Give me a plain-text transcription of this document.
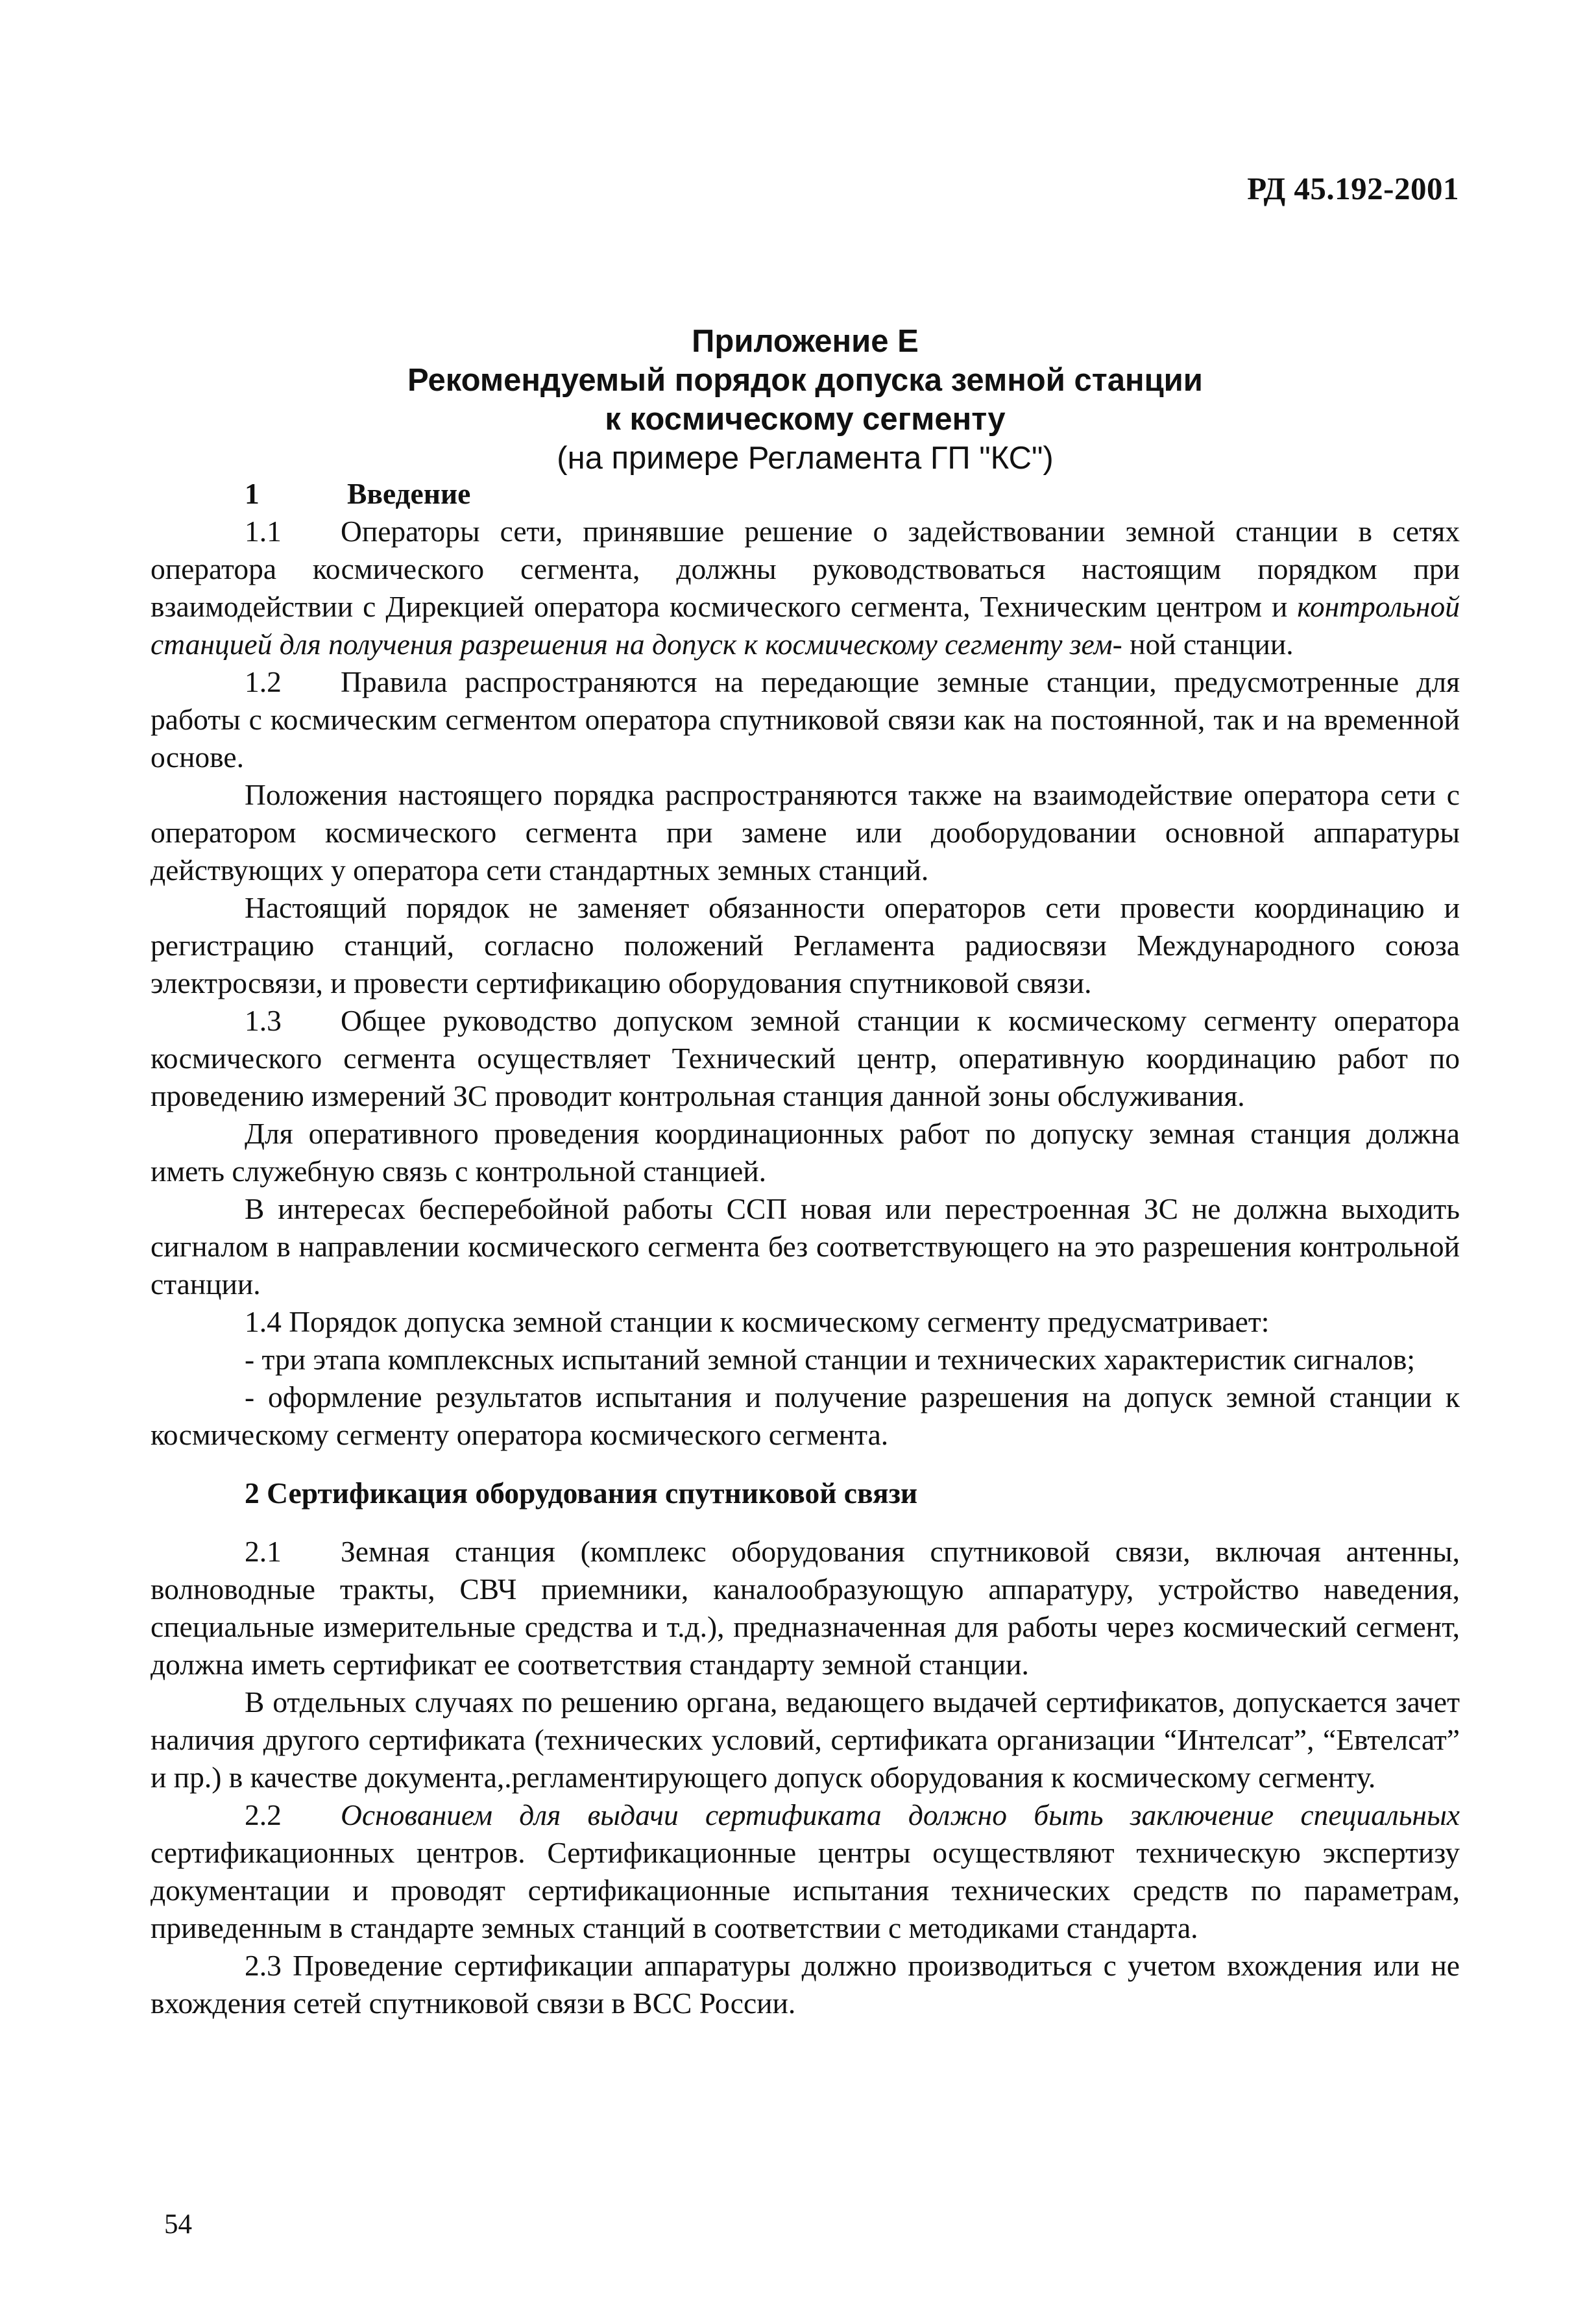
РД 45.192-2001
Приложение Е
Рекомендуемый порядок допуска земной станции
к космическому сегменту
(на примере Регламента ГП "КС")
1	Введение

1.1 Операторы сети, принявшие решение о задействовании земной станции в сетях оператора космического сегмента, должны руководствоваться настоящим порядком при взаимодействии с Дирекцией оператора космического сегмента, Техническим центром и контрольной станцией для получения разрешения на допуск к космическому сегменту зем- ной станции.

1.2 Правила распространяются на передающие земные станции, предусмотренные для работы с космическим сегментом оператора спутниковой связи как на постоянной, так и на временной основе.

Положения настоящего порядка распространяются также на взаимодействие оператора сети с оператором космического сегмента при замене или дооборудовании основной аппаратуры действующих у оператора сети стандартных земных станций.

Настоящий порядок не заменяет обязанности операторов сети провести координацию и регистрацию станций, согласно положений Регламента радиосвязи Международного союза электросвязи, и провести сертификацию оборудования спутниковой связи.

1.3 Общее руководство допуском земной станции к космическому сегменту оператора космического сегмента осуществляет Технический центр, оперативную координацию работ по проведению измерений ЗС проводит контрольная станция данной зоны обслуживания.

Для оперативного проведения координационных работ по допуску земная станция должна иметь служебную связь с контрольной станцией.

В интересах бесперебойной работы ССП новая или перестроенная ЗС не должна выходить сигналом в направлении космического сегмента без соответствующего на это разрешения контрольной станции.

1.4 Порядок допуска земной станции к космическому сегменту предусматривает:

- три этапа комплексных испытаний земной станции и технических характеристик сигналов;

- оформление результатов испытания и получение разрешения на допуск земной станции к космическому сегменту оператора космического сегмента.

2 Сертификация оборудования спутниковой связи

2.1 Земная станция (комплекс оборудования спутниковой связи, включая антенны, волноводные тракты, СВЧ приемники, каналообразующую аппаратуру, устройство наведения, специальные измерительные средства и т.д.), предназначенная для работы через космический сегмент, должна иметь сертификат ее соответствия стандарту земной станции.

В отдельных случаях по решению органа, ведающего выдачей сертификатов, допускается зачет наличия другого сертификата (технических условий, сертификата организации “Интелсат”, “Евтелсат” и пр.) в качестве документа,.регламентирующего допуск оборудования к космическому сегменту.

2.2 Основанием для выдачи сертификата должно быть заключение специальных сертификационных центров. Сертификационные центры осуществляют техническую экспертизу документации и проводят сертификационные испытания технических средств по параметрам, приведенным в стандарте земных станций в соответствии с методиками стандарта.

2.3 Проведение сертификации аппаратуры должно производиться с учетом вхождения или не вхождения сетей спутниковой связи в ВСС России.

54
